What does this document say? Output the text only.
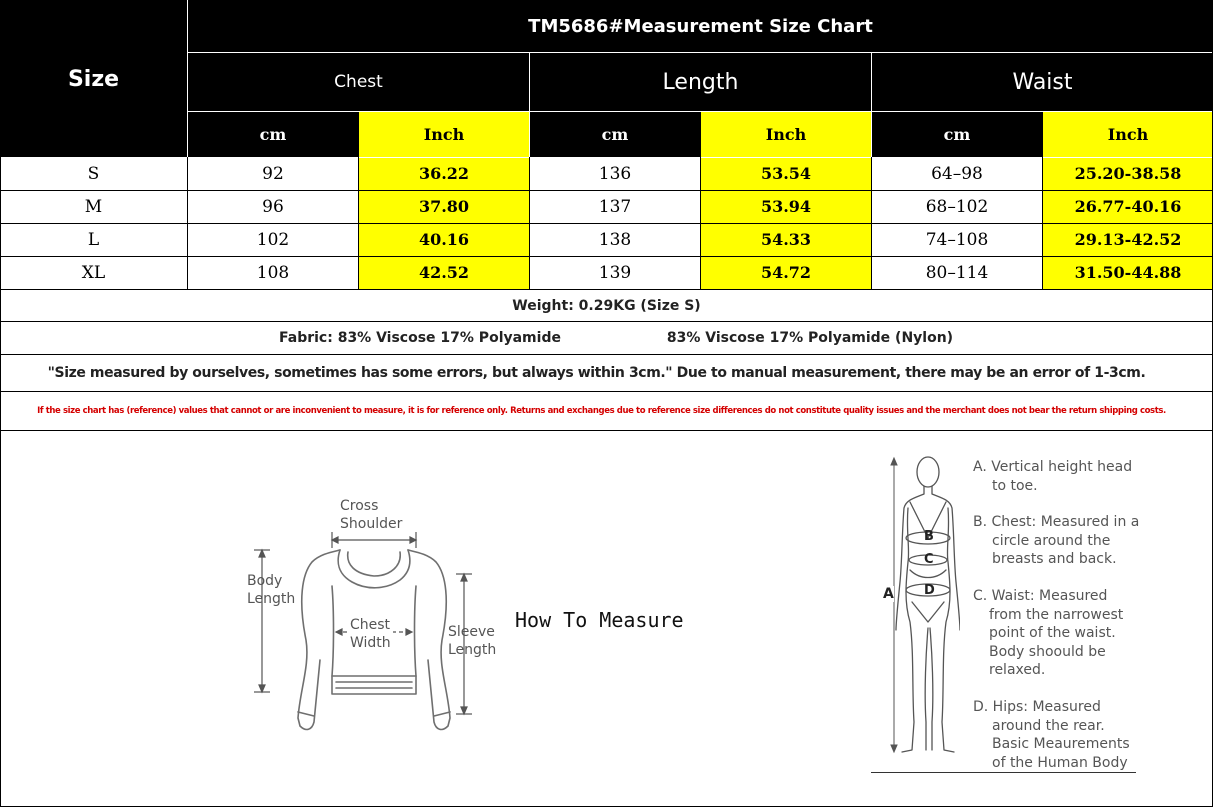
Size
TM5686#Measurement Size Chart
Chest	Length	Waist
cm	Inch	cm	Inch	cm	Inch
S	92	36.22	136	53.54	64–98	25.20-38.58
M	96	37.80	137	53.94	68–102	26.77-40.16
L	102	40.16	138	54.33	74–108	29.13-42.52
XL	108	42.52	139	54.72	80–114	31.50-44.88
Weight: 0.29KG (Size S)
Fabric: 83% Viscose 17% Polyamide	83% Viscose 17% Polyamide (Nylon)
"Size measured by ourselves, sometimes has some errors, but always within 3cm." Due to manual measurement, there may be an error of 1-3cm.
If the size chart has (reference) values that cannot or are inconvenient to measure, it is for reference only. Returns and exchanges due to reference size differences do not constitute quality issues and the merchant does not bear the return shipping costs.
Cross
Shoulder
Body
Length
Chest
Width
Sleeve
Length
How To Measure
A
B
C
D
A. Vertical height head
to toe.
B. Chest: Measured in a
circle around the
breasts and back.
C. Waist: Measured
from the narrowest
point of the waist.
Body shoould be
relaxed.
D. Hips: Measured
around the rear.
Basic Meaurements
of the Human Body
